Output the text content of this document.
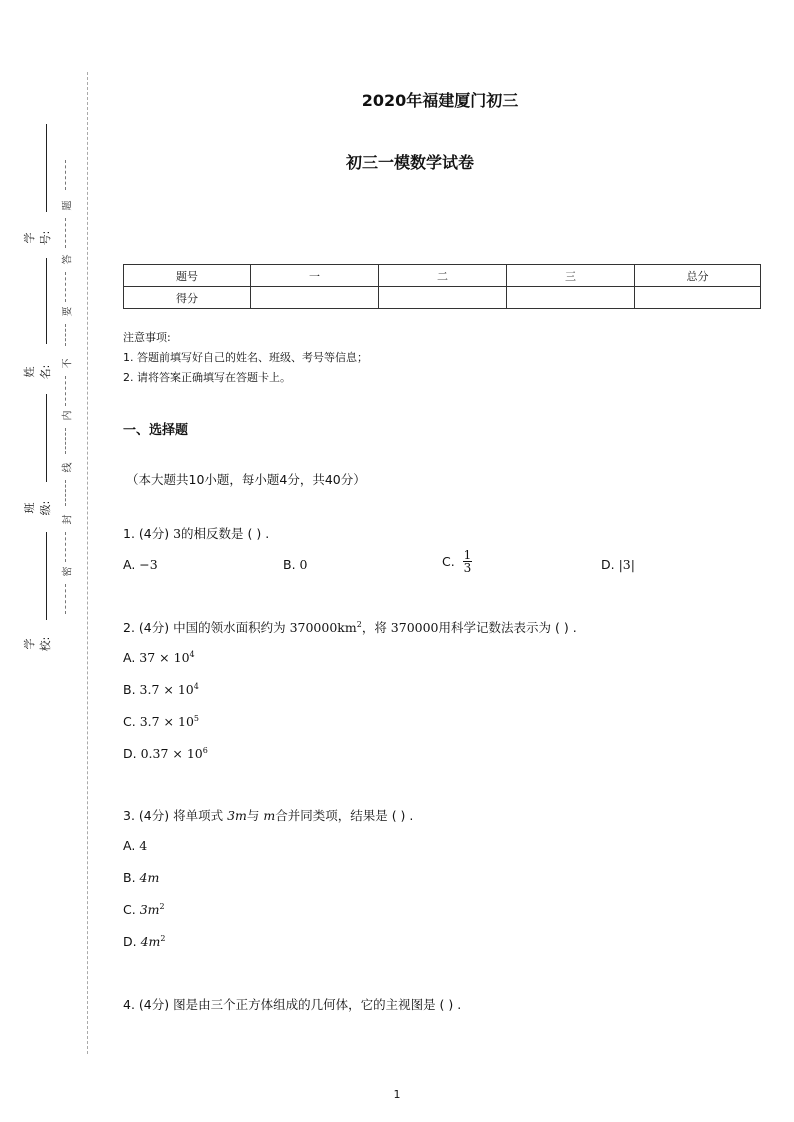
学号:
姓名:
班级:
学校:
题
答
要
不
内
线
封
密
2020年福建厦门初三
初三一模数学试卷
题号	一	二	三	总分
得分				
注意事项:
1. 答题前填写好自己的姓名、班级、考号等信息；
2. 请将答案正确填写在答题卡上。
一、选择题
（本大题共10小题，每小题4分，共40分）
1. (4分) 3的相反数是 ( ) .
A. −3	B. 0	C. $\frac{1}{3}$	D. |3|
2. (4分) 中国的领水面积约为 $370000km^2$，将 370000用科学记数法表示为 ( ) .
A. $37 \times 10^4$
B. $3.7 \times 10^4$
C. $3.7 \times 10^5$
D. $0.37 \times 10^6$
3. (4分) 将单项式 3m与 m合并同类项，结果是 ( ) .
A. 4
B. 4m
C. $3m^2$
D. $4m^2$
4. (4分) 图是由三个正方体组成的几何体，它的主视图是 ( ) .
1
